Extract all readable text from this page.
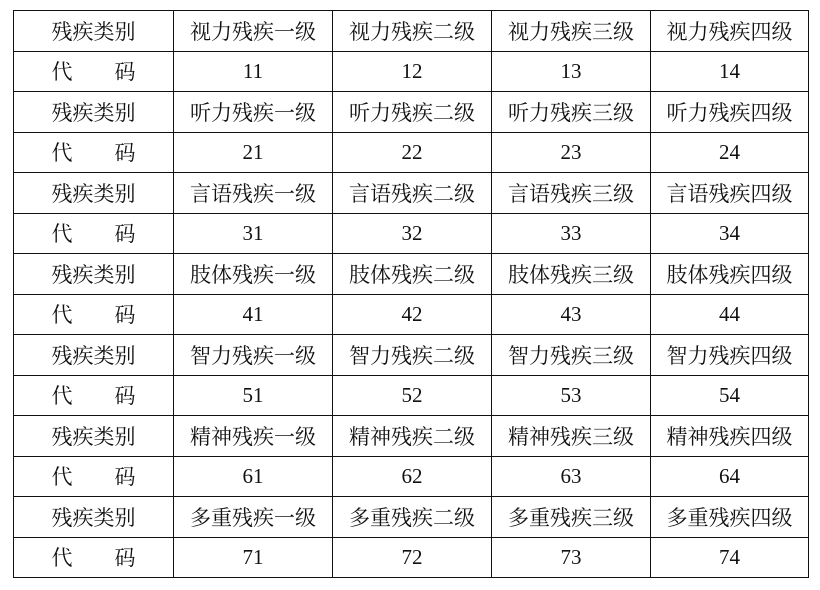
残疾类别	视力残疾一级	视力残疾二级	视力残疾三级	视力残疾四级
代　　码	11	12	13	14
残疾类别	听力残疾一级	听力残疾二级	听力残疾三级	听力残疾四级
代　　码	21	22	23	24
残疾类别	言语残疾一级	言语残疾二级	言语残疾三级	言语残疾四级
代　　码	31	32	33	34
残疾类别	肢体残疾一级	肢体残疾二级	肢体残疾三级	肢体残疾四级
代　　码	41	42	43	44
残疾类别	智力残疾一级	智力残疾二级	智力残疾三级	智力残疾四级
代　　码	51	52	53	54
残疾类别	精神残疾一级	精神残疾二级	精神残疾三级	精神残疾四级
代　　码	61	62	63	64
残疾类别	多重残疾一级	多重残疾二级	多重残疾三级	多重残疾四级
代　　码	71	72	73	74
